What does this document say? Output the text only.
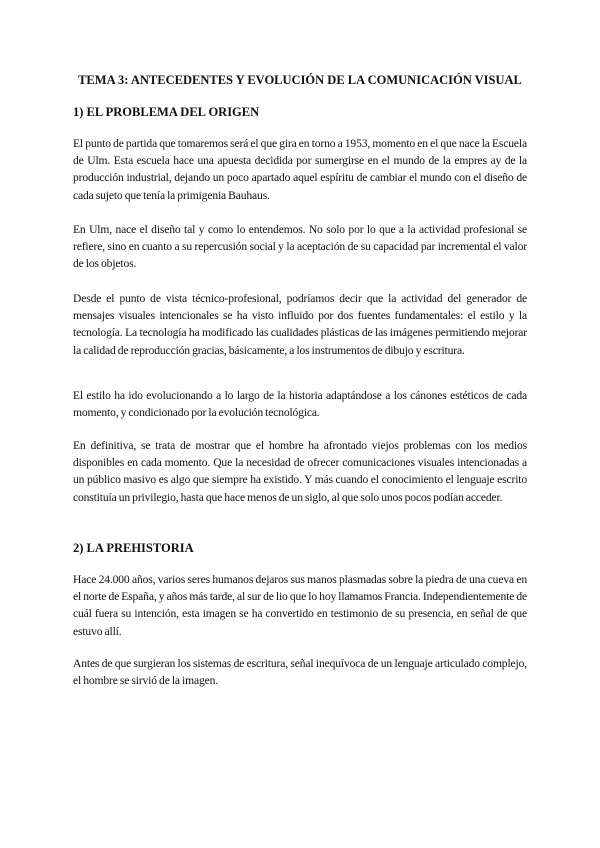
TEMA 3: ANTECEDENTES Y EVOLUCIÓN DE LA COMUNICACIÓN VISUAL
1) EL PROBLEMA DEL ORIGEN

El punto de partida que tomaremos será el que gira en torno a 1953, momento en el que nace la Escuela de Ulm. Esta escuela hace una apuesta decidida por sumergirse en el mundo de la empres ay de la producción industrial, dejando un poco apartado aquel espíritu de cambiar el mundo con el diseño de cada sujeto que tenía la primigenia Bauhaus.

En Ulm, nace el diseño tal y como lo entendemos. No solo por lo que a la actividad profesional se refiere, sino en cuanto a su repercusión social y la aceptación de su capacidad par incremental el valor de los objetos.

Desde el punto de vista técnico-profesional, podríamos decir que la actividad del generador de mensajes visuales intencionales se ha visto influido por dos fuentes fundamentales: el estilo y la tecnología. La tecnología ha modificado las cualidades plásticas de las imágenes permitiendo mejorar la calidad de reproducción gracias, básicamente, a los instrumentos de dibujo y escritura.

El estilo ha ido evolucionando a lo largo de la historia adaptándose a los cánones estéticos de cada momento, y condicionado por la evolución tecnológica.

En definitiva, se trata de mostrar que el hombre ha afrontado viejos problemas con los medios disponibles en cada momento. Que la necesidad de ofrecer comunicaciones visuales intencionadas a un público masivo es algo que siempre ha existido. Y más cuando el conocimiento el lenguaje escrito constituía un privilegio, hasta que hace menos de un siglo, al que solo unos pocos podían acceder.

2) LA PREHISTORIA

Hace 24.000 años, varios seres humanos dejaros sus manos plasmadas sobre la piedra de una cueva en el norte de España, y años más tarde, al sur de lio que lo hoy llamamos Francia. Independientemente de cuál fuera su intención, esta imagen se ha convertido en testimonio de su presencia, en señal de que estuvo allí.

Antes de que surgieran los sistemas de escritura, señal inequívoca de un lenguaje articulado complejo, el hombre se sirvió de la imagen.
